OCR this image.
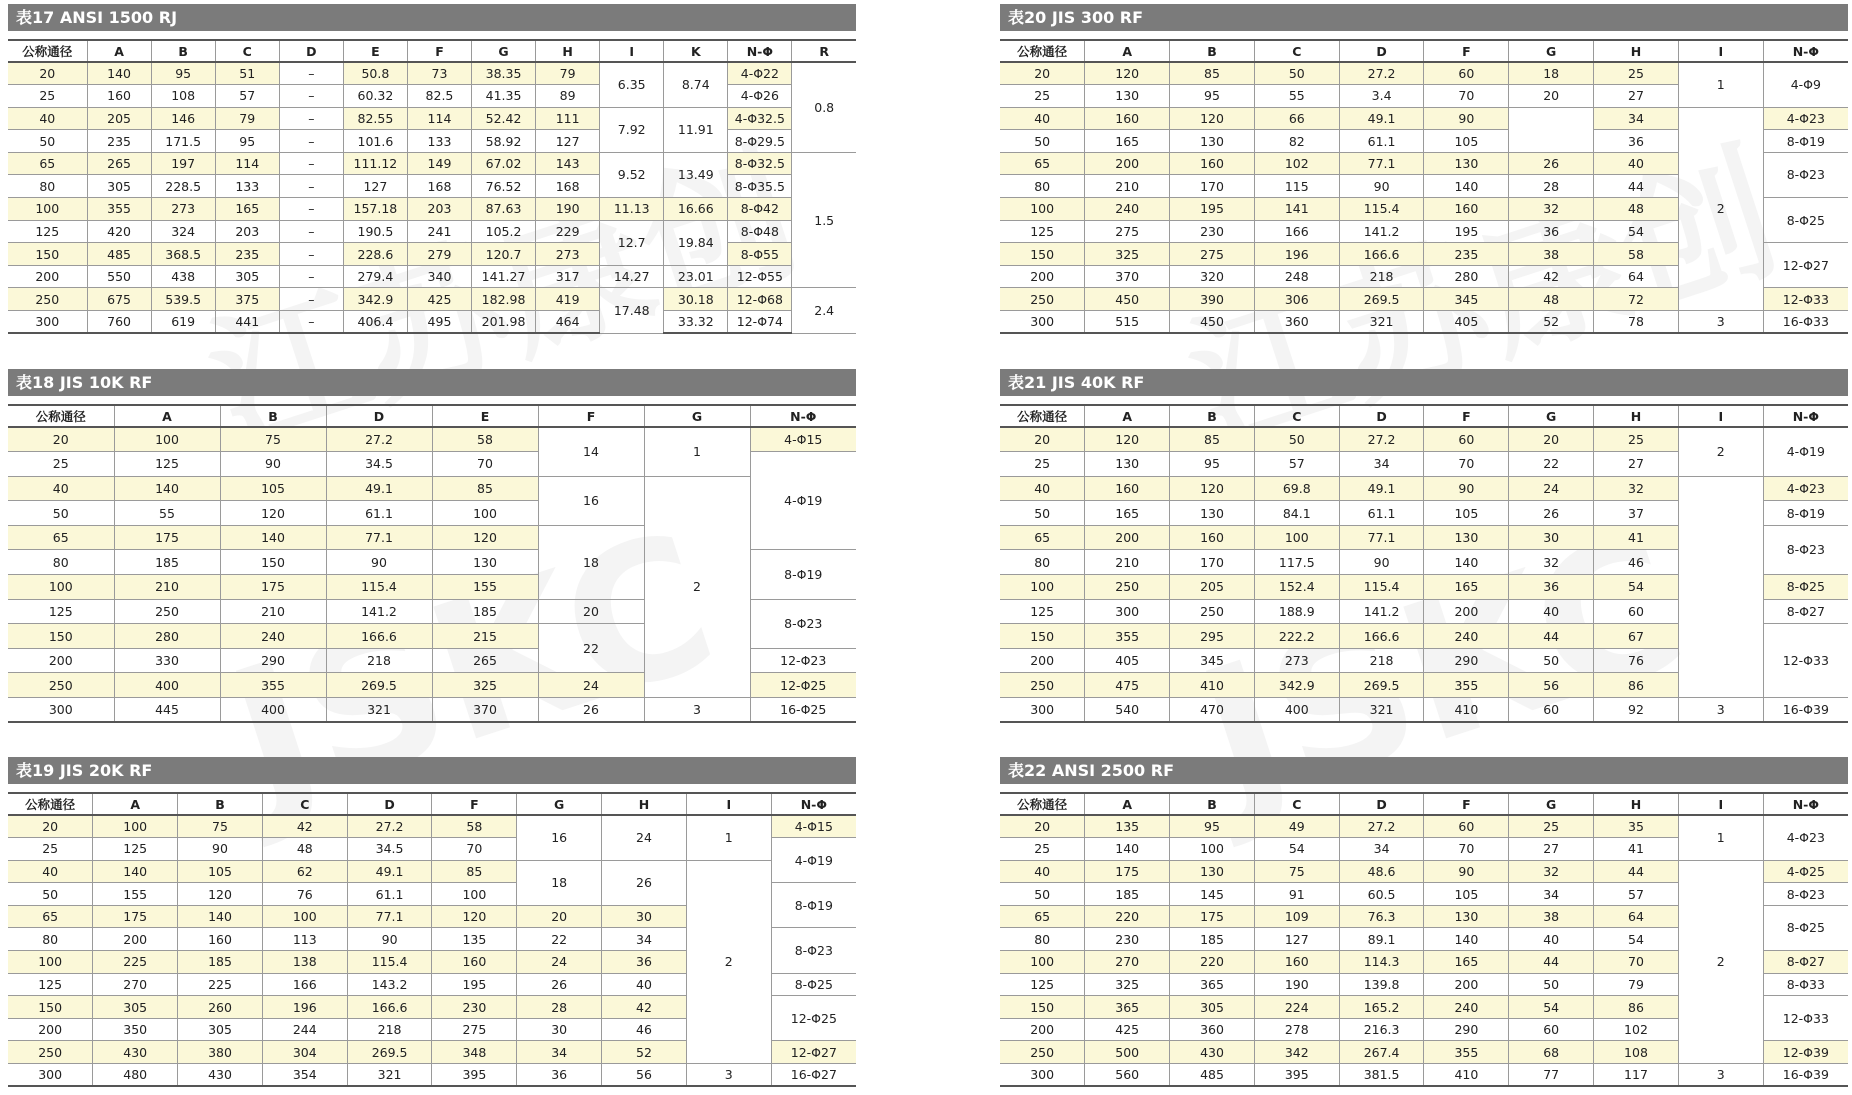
表17 ANSI 1500 RJ
公称通径	A	B	C	D	E	F	G	H	I	K	N-Φ	R
20	140	95	51	–	50.8	73	38.35	79	6.35	8.74	4-Φ22	0.8
25	160	108	57	–	60.32	82.5	41.35	89			4-Φ26	
40	205	146	79	–	82.55	114	52.42	111	7.92	11.91	4-Φ32.5	
50	235	171.5	95	–	101.6	133	58.92	127			8-Φ29.5	
65	265	197	114	–	111.12	149	67.02	143	9.52	13.49	8-Φ32.5	1.5
80	305	228.5	133	–	127	168	76.52	168			8-Φ35.5	
100	355	273	165	–	157.18	203	87.63	190	11.13	16.66	8-Φ42	
125	420	324	203	–	190.5	241	105.2	229	12.7	19.84	8-Φ48	
150	485	368.5	235	–	228.6	279	120.7	273			8-Φ55	
200	550	438	305	–	279.4	340	141.27	317	14.27	23.01	12-Φ55	
250	675	539.5	375	–	342.9	425	182.98	419	17.48	30.18	12-Φ68	2.4
300	760	619	441	–	406.4	495	201.98	464		33.32	12-Φ74	
表20 JIS 300 RF
公称通径	A	B	C	D	F	G	H	I	N-Φ
20	120	85	50	27.2	60	18	25	1	4-Φ9
25	130	95	55	3.4	70	20	27		
40	160	120	66	49.1	90		34	2	4-Φ23
50	165	130	82	61.1	105		36		8-Φ19
65	200	160	102	77.1	130	26	40		8-Φ23
80	210	170	115	90	140	28	44		
100	240	195	141	115.4	160	32	48		8-Φ25
125	275	230	166	141.2	195	36	54		
150	325	275	196	166.6	235	38	58		12-Φ27
200	370	320	248	218	280	42	64		
250	450	390	306	269.5	345	48	72		12-Φ33
300	515	450	360	321	405	52	78	3	16-Φ33
表18 JIS 10K RF
公称通径	A	B	D	E	F	G	N-Φ
20	100	75	27.2	58	14	1	4-Φ15
25	125	90	34.5	70			4-Φ19
40	140	105	49.1	85	16	2	
50	55	120	61.1	100			
65	175	140	77.1	120	18		
80	185	150	90	130			8-Φ19
100	210	175	115.4	155			
125	250	210	141.2	185	20		8-Φ23
150	280	240	166.6	215	22		
200	330	290	218	265			12-Φ23
250	400	355	269.5	325	24		12-Φ25
300	445	400	321	370	26	3	16-Φ25
表21 JIS 40K RF
公称通径	A	B	C	D	F	G	H	I	N-Φ
20	120	85	50	27.2	60	20	25	2	4-Φ19
25	130	95	57	34	70	22	27		
40	160	120	69.8	49.1	90	24	32		4-Φ23
50	165	130	84.1	61.1	105	26	37		8-Φ19
65	200	160	100	77.1	130	30	41		8-Φ23
80	210	170	117.5	90	140	32	46		
100	250	205	152.4	115.4	165	36	54		8-Φ25
125	300	250	188.9	141.2	200	40	60		8-Φ27
150	355	295	222.2	166.6	240	44	67		12-Φ33
200	405	345	273	218	290	50	76		
250	475	410	342.9	269.5	355	56	86		
300	540	470	400	321	410	60	92	3	16-Φ39
表19 JIS 20K RF
公称通径	A	B	C	D	F	G	H	I	N-Φ
20	100	75	42	27.2	58	16	24	1	4-Φ15
25	125	90	48	34.5	70				4-Φ19
40	140	105	62	49.1	85	18	26	2	
50	155	120	76	61.1	100				8-Φ19
65	175	140	100	77.1	120	20	30		
80	200	160	113	90	135	22	34		8-Φ23
100	225	185	138	115.4	160	24	36		
125	270	225	166	143.2	195	26	40		8-Φ25
150	305	260	196	166.6	230	28	42		12-Φ25
200	350	305	244	218	275	30	46		
250	430	380	304	269.5	348	34	52		12-Φ27
300	480	430	354	321	395	36	56	3	16-Φ27
表22 ANSI 2500 RF
公称通径	A	B	C	D	F	G	H	I	N-Φ
20	135	95	49	27.2	60	25	35	1	4-Φ23
25	140	100	54	34	70	27	41		
40	175	130	75	48.6	90	32	44	2	4-Φ25
50	185	145	91	60.5	105	34	57		8-Φ23
65	220	175	109	76.3	130	38	64		8-Φ25
80	230	185	127	89.1	140	40	54		
100	270	220	160	114.3	165	44	70		8-Φ27
125	325	365	190	139.8	200	50	79		8-Φ33
150	365	305	224	165.2	240	54	86		12-Φ33
200	425	360	278	216.3	290	60	102		
250	500	430	342	267.4	355	68	108		12-Φ39
300	560	485	395	381.5	410	77	117	3	16-Φ39
